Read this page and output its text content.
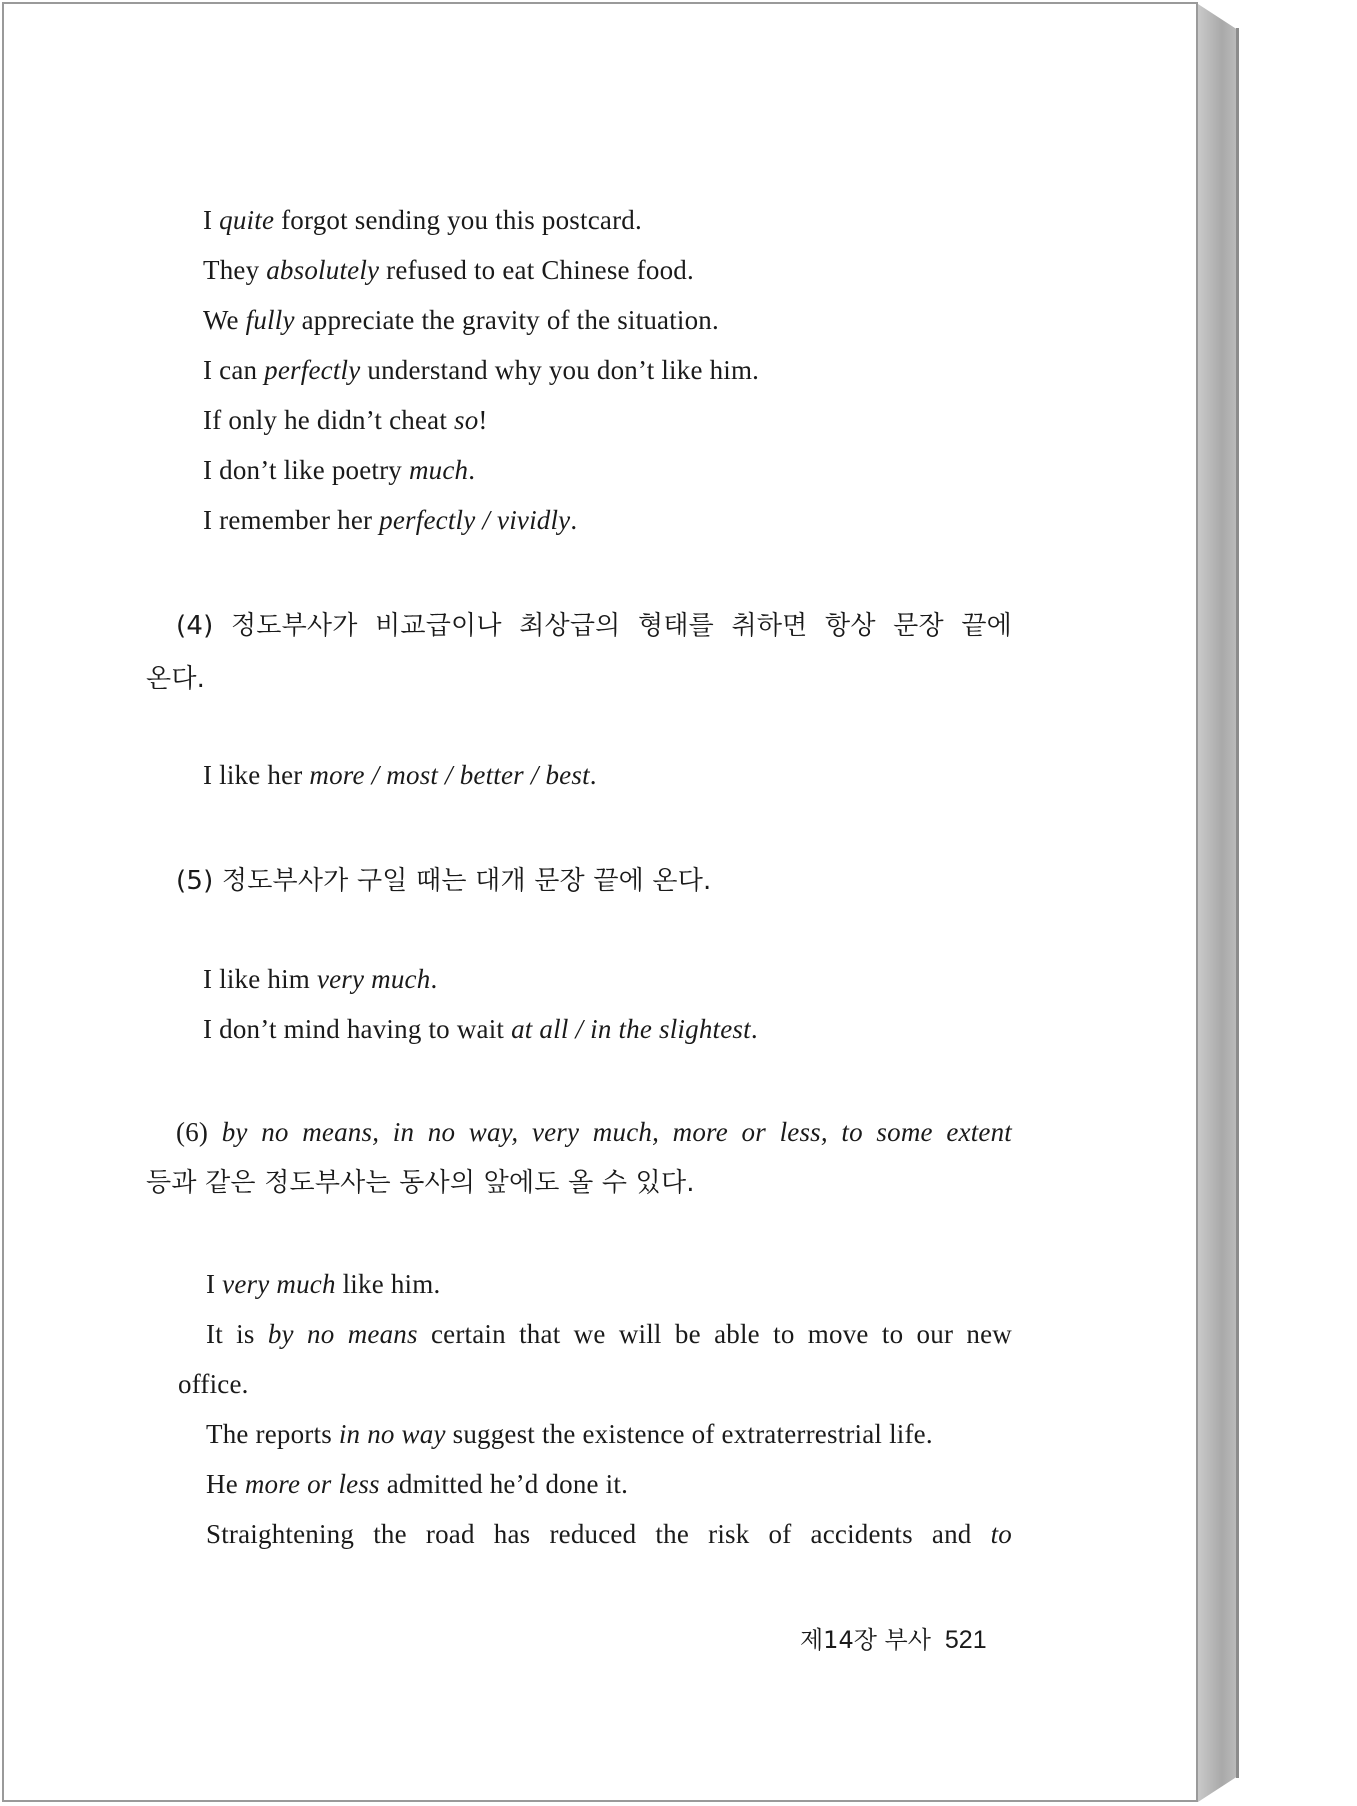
I quite forgot sending you this postcard.
They absolutely refused to eat Chinese food.
We fully appreciate the gravity of the situation.
I can perfectly understand why you don’t like him.
If only he didn’t cheat so!
I don’t like poetry much.
I remember her perfectly / vividly.
(4) 정도부사가 비교급이나 최상급의 형태를 취하면 항상 문장 끝에
온다.
I like her more / most / better / best.
(5) 정도부사가 구일 때는 대개 문장 끝에 온다.
I like him very much.
I don’t mind having to wait at all / in the slightest.
(6) by no means, in no way, very much, more or less, to some extent
등과 같은 정도부사는 동사의 앞에도 올 수 있다.
I very much like him.
It is by no means certain that we will be able to move to our new
office.
The reports in no way suggest the existence of extraterrestrial life.
He more or less admitted he’d done it.
Straightening the road has reduced the risk of accidents and to
제14장 부사 521
